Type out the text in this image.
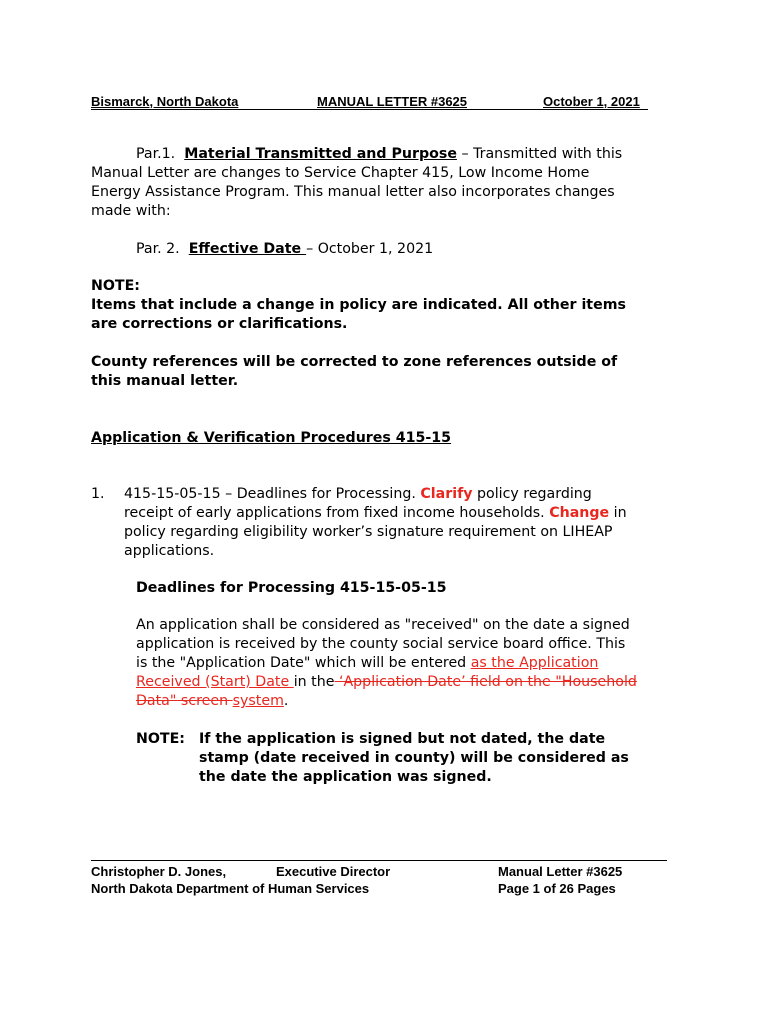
Bismarck, North Dakota	MANUAL LETTER #3625	October 1, 2021
Par.1. Material Transmitted and Purpose – Transmitted with this
Manual Letter are changes to Service Chapter 415, Low Income Home
Energy Assistance Program. This manual letter also incorporates changes
made with:
Par. 2. Effective Date – October 1, 2021
NOTE:
Items that include a change in policy are indicated. All other items
are corrections or clarifications.
County references will be corrected to zone references outside of
this manual letter.
Application & Verification Procedures 415-15
1. 415-15-05-15 – Deadlines for Processing. Clarify policy regarding
receipt of early applications from fixed income households. Change in
policy regarding eligibility worker’s signature requirement on LIHEAP
applications.
Deadlines for Processing 415-15-05-15
An application shall be considered as "received" on the date a signed
application is received by the county social service board office. This
is the "Application Date" which will be entered as the Application
Received (Start) Date in the ‘Application Date’ field on the "Household
Data" screen system.
NOTE: If the application is signed but not dated, the date
stamp (date received in county) will be considered as
the date the application was signed.
Christopher D. Jones,	Executive Director
North Dakota Department of Human Services
Manual Letter #3625
Page 1 of 26 Pages
